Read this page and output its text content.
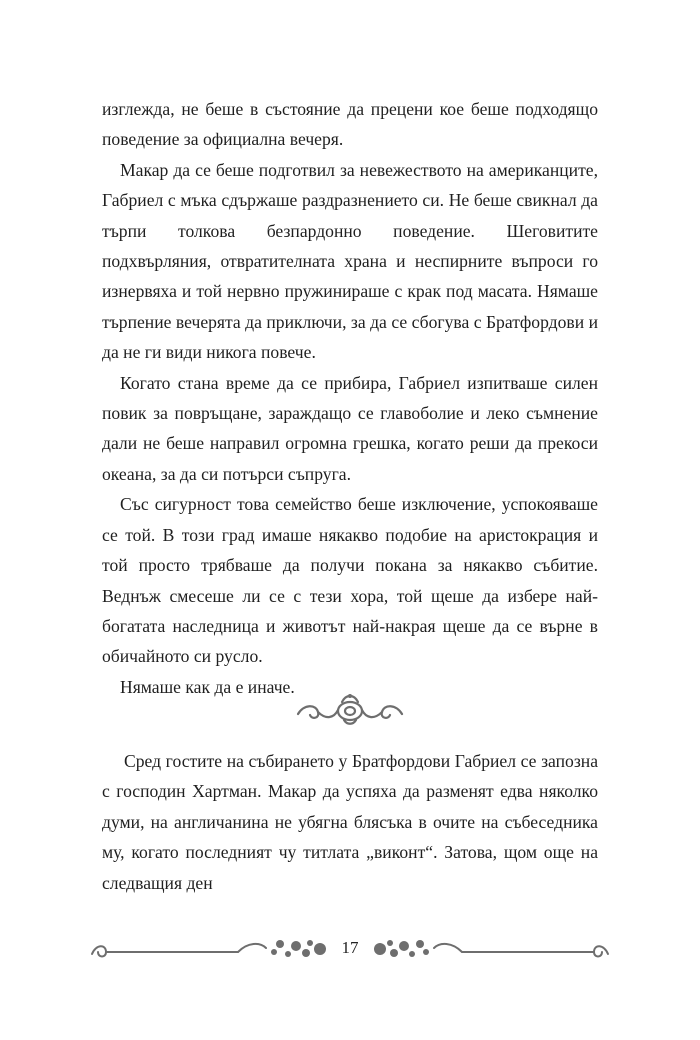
изглежда, не беше в състояние да прецени кое беше подходящо поведение за официална вечеря.

Макар да се беше подготвил за невежеството на американците, Габриел с мъка сдържаше раздразнението си. Не беше свикнал да търпи толкова безпардонно поведение. Шеговитите подхвърляния, отвратителната храна и неспирните въпроси го изнервяха и той нервно пружинираше с крак под масата. Нямаше търпение вечерята да приключи, за да се сбогува с Братфордови и да не ги види никога повече.

Когато стана време да се прибира, Габриел изпитваше силен повик за повръщане, зараждащо се главоболие и леко съмнение дали не беше направил огромна грешка, когато реши да прекоси океана, за да си потърси съпруга.

Със сигурност това семейство беше изключение, успокояваше се той. В този град имаше някакво подобие на аристокрация и той просто трябваше да получи покана за някакво събитие. Веднъж смесеше ли се с тези хора, той щеше да избере най-богатата наследница и животът най-накрая щеше да се върне в обичайното си русло.

Нямаше как да е иначе.

Сред гостите на събирането у Братфордови Габриел се запозна с господин Хартман. Макар да успяха да разменят едва няколко думи, на англичанина не убягна блясъка в очите на събеседника му, когато последният чу титлата „виконт“. Затова, щом още на следващия ден

17
